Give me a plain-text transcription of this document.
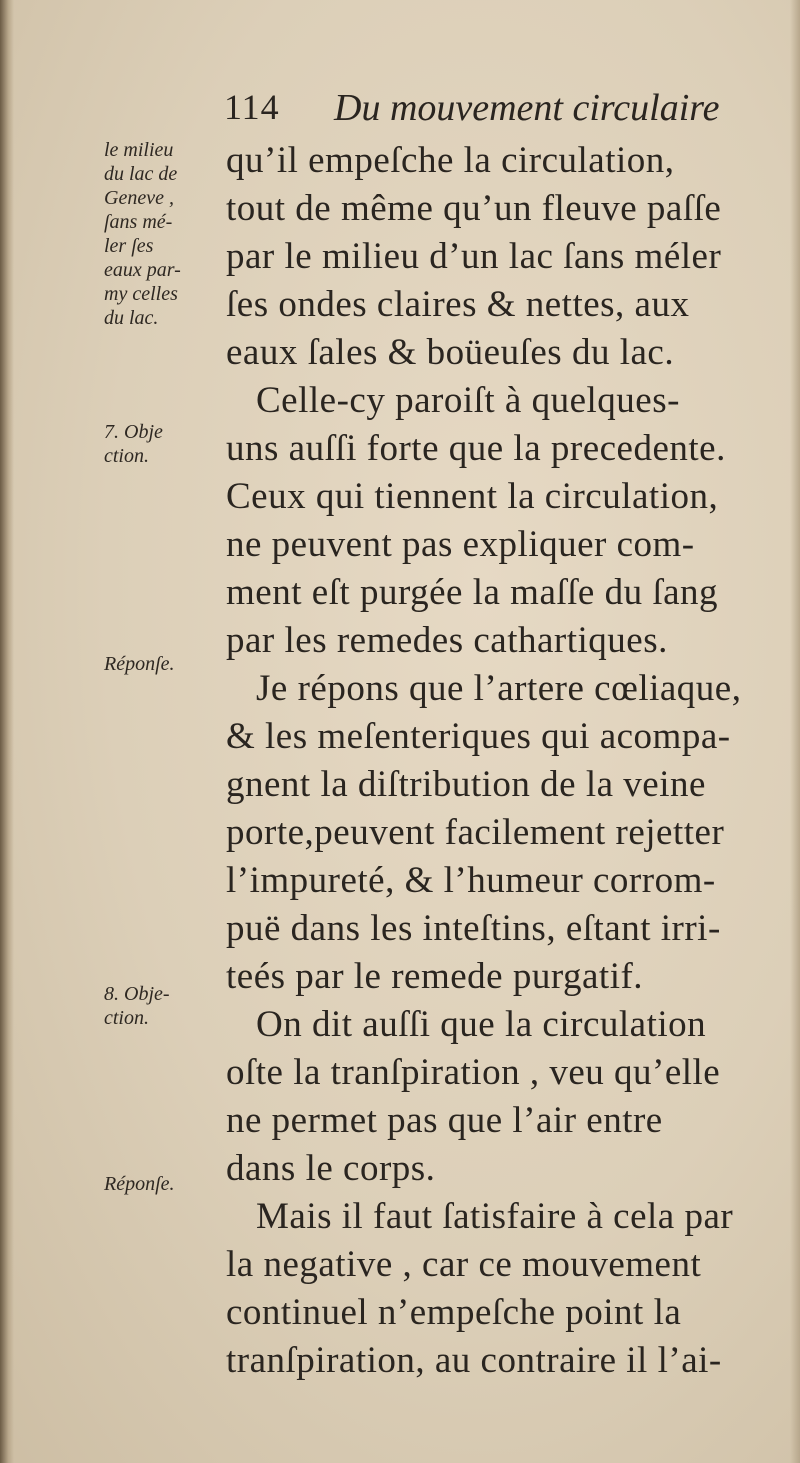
114 Du mouvement circulaire
qu’il empeſche la circulation,
tout de même qu’un fleuve paſſe
par le milieu d’un lac ſans méler
ſes ondes claires & nettes, aux
eaux ſales & boüeuſes du lac.
Celle-cy paroiſt à quelques-
uns auſſi forte que la precedente.
Ceux qui tiennent la circulation,
ne peuvent pas expliquer com-
ment eſt purgée la maſſe du ſang
par les remedes cathartiques.
Je répons que l’artere cœliaque,
& les meſenteriques qui acompa-
gnent la diſtribution de la veine
porte,peuvent facilement rejetter
l’impureté, & l’humeur corrom-
puë dans les inteſtins, eſtant irri-
teés par le remede purgatif.
On dit auſſi que la circulation
oſte la tranſpiration , veu qu’elle
ne permet pas que l’air entre
dans le corps.
Mais il faut ſatisfaire à cela par
la negative , car ce mouvement
continuel n’empeſche point la
tranſpiration, au contraire il l’ai-
le milieu
du lac de
Geneve ,
ſans mé-
ler ſes
eaux par-
my celles
du lac.
7. Obje
ction.
Réponſe.
8. Obje-
ction.
Réponſe.
